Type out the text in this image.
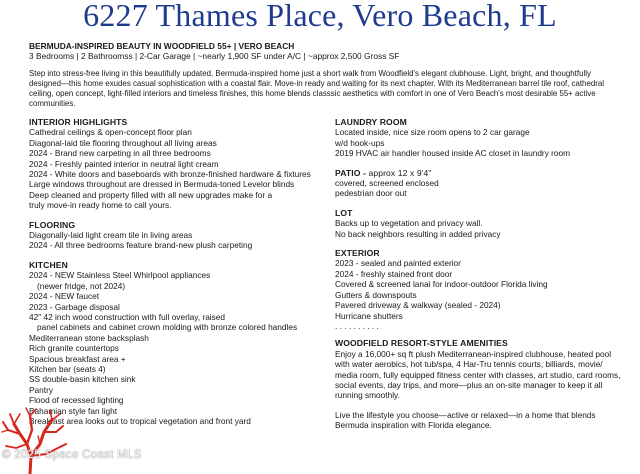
6227 Thames Place, Vero Beach, FL
BERMUDA-INSPIRED BEAUTY IN WOODFIELD 55+ | VERO BEACH
3 Bedrooms | 2 Bathroomss | 2-Car Garage | ~nearly 1,900 SF under A/C | ~approx 2,500 Gross SF
Step into stress-free living in this beautifully updated, Bermuda-inspired home just a short walk from Woodfield's elegant clubhouse. Light, bright, and thoughtfully designed—this home exudes casual sophistication with a coastal flair. Move-in ready and waiting for its next chapter. With its Mediterranean barrel tile roof, cathedral ceiling, open concept, light-filled interiors and timeless finishes, this home blends classsic aesthetics with comfort in one of Vero Beach's most desirable 55+ active communities.
INTERIOR HIGHLIGHTS
Cathedral ceilings & open-concept floor plan
Diagonal-laid tile flooring throughout all living areas
2024 - Brand new carpeting in all three bedrooms
2024 - Freshly painted interior in neutral light cream
2024 - White doors and baseboards with bronze-finished hardware & fixtures
Large windows throughout are dressed in Bermuda-toned Levelor blinds
Deep cleaned and property filled with all new upgrades make for a
truly move-in ready home to call yours.
FLOORING
Diagonally-laid light cream tile in living areas
2024 - All three bedrooms feature brand-new plush carpeting
KITCHEN
2024 - NEW Stainless Steel Whirlpool appliances
(newer fridge, not 2024)
2024 - NEW faucet
2023 - Garbage disposal
42" 42 inch wood construction with full overlay, raised
panel cabinets and cabinet crown molding with bronze colored handles
Mediterranean stone backsplash
Rich granite countertops
Spacious breakfast area +
Kitchen bar (seats 4)
SS double-basin kitchen sink
Pantry
Flood of recessed lighting
Bahamian style fan light
Breakfast area looks out to tropical vegetation and front yard
LAUNDRY ROOM
Located inside, nice size room opens to 2 car garage
w/d hook-ups
2019 HVAC air handler housed inside AC closet in laundry room
PATIO - approx 12 x 9'4"
covered, screened enclosed
pedestrian door out
LOT
Backs up to vegetation and privacy wall.
No back neighbors resulting in added privacy
EXTERIOR
2023 - sealed and painted exterior
2024 - freshly stained front door
Covered & screened lanai for indoor-outdoor Florida living
Gutters & downspouts
Pavered driveway & walkway (sealed - 2024)
Hurricane shutters
. . . . . . . . . .
WOODFIELD RESORT-STYLE AMENITIES
Enjoy a 16,000+ sq ft plush Mediterranean-inspired clubhouse, heated pool
with water aerobics, hot tub/spa, 4 Har-Tru tennis courts, billiards, movie/
media room, fully equipped fitness center with classes, art studio, card rooms,
social events, day trips, and more—plus an on-site manager to keep it all
running smoothly.
Live the lifestyle you choose—active or relaxed—in a home that blends
Bermuda inspiration with Florida elegance.
© 2025 Space Coast MLS
